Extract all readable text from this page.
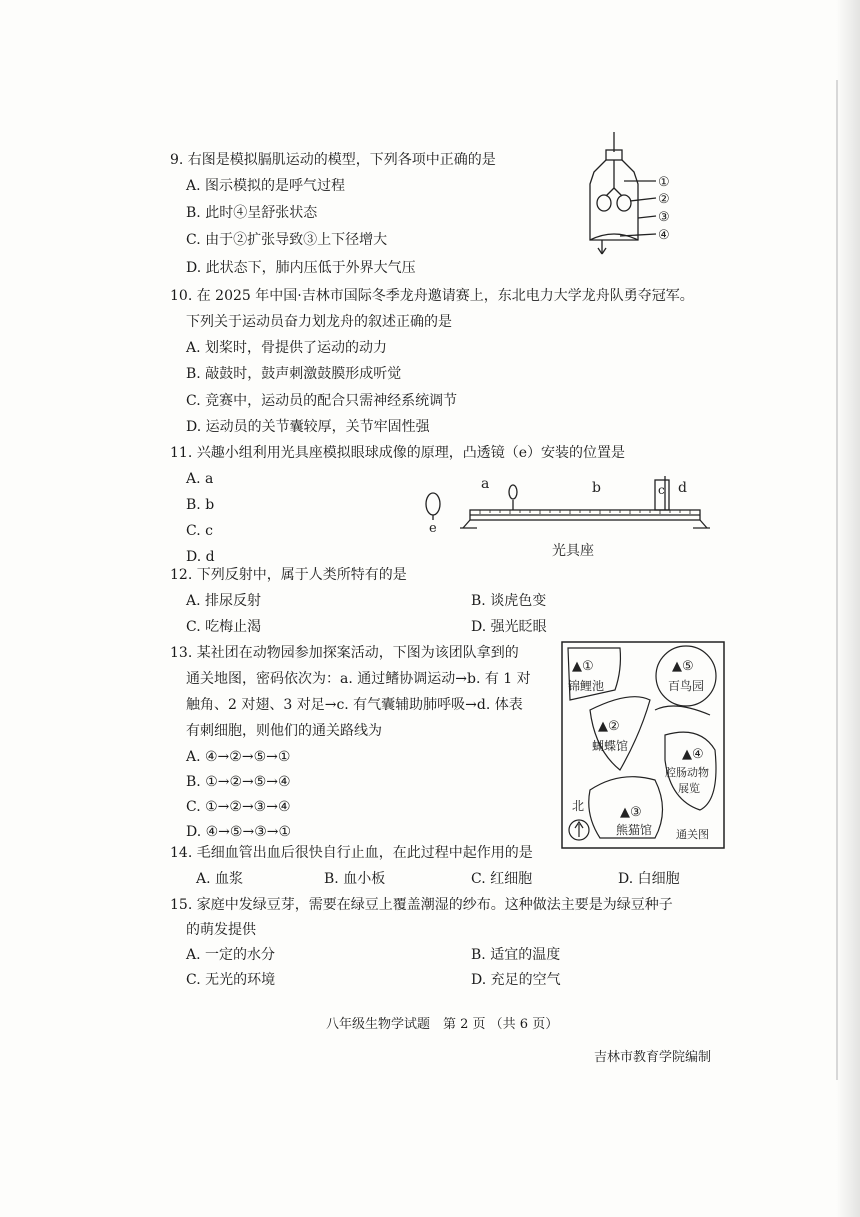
9. 右图是模拟膈肌运动的模型，下列各项中正确的是
A. 图示模拟的是呼气过程
B. 此时④呈舒张状态
C. 由于②扩张导致③上下径增大
D. 此状态下，肺内压低于外界大气压
①
②
③
④
10. 在 2025 年中国·吉林市国际冬季龙舟邀请赛上，东北电力大学龙舟队勇夺冠军。
下列关于运动员奋力划龙舟的叙述正确的是
A. 划桨时，骨提供了运动的动力
B. 敲鼓时，鼓声刺激鼓膜形成听觉
C. 竞赛中，运动员的配合只需神经系统调节
D. 运动员的关节囊较厚，关节牢固性强
11. 兴趣小组利用光具座模拟眼球成像的原理，凸透镜（e）安装的位置是
A. a
B. b
C. c
D. d
e
a	b	c d
光具座
12. 下列反射中，属于人类所特有的是
A. 排尿反射	B. 谈虎色变
C. 吃梅止渴	D. 强光眨眼
13. 某社团在动物园参加探案活动，下图为该团队拿到的
通关地图，密码依次为：a. 通过鳍协调运动→b. 有 1 对
触角、2 对翅、3 对足→c. 有气囊辅助肺呼吸→d. 体表
有刺细胞，则他们的通关路线为
A. ④→②→⑤→①
B. ①→②→⑤→④
C. ①→②→③→④
D. ④→⑤→③→①
▲①
锦鲤池
▲⑤
百鸟园
▲②
蝴蝶馆
▲④
腔肠动物
展览
▲③
熊猫馆
北
通关图
14. 毛细血管出血后很快自行止血，在此过程中起作用的是
A. 血浆	B. 血小板	C. 红细胞	D. 白细胞
15. 家庭中发绿豆芽，需要在绿豆上覆盖潮湿的纱布。这种做法主要是为绿豆种子
的萌发提供
A. 一定的水分	B. 适宜的温度
C. 无光的环境	D. 充足的空气
八年级生物学试题　第 2 页 （共 6 页）
吉林市教育学院编制
